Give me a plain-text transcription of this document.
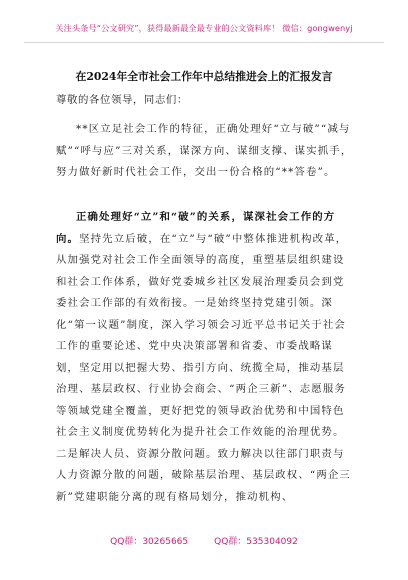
关注头条号“公文研究”，获得最新最全最专业的公文资料库！ 微信：gongwenyj
在2024年全市社会工作年中总结推进会上的汇报发言
尊敬的各位领导，同志们：
**区立足社会工作的特征，正确处理好“立与破”“减与赋”“呼与应”三对关系，谋深方向、谋细支撑、谋实抓手，努力做好新时代社会工作，交出一份合格的“**答卷”。
正确处理好“立”和“破”的关系，谋深社会工作的方向。坚持先立后破，在“立”与“破”中整体推进机构改革，从加强党对社会工作全面领导的高度，重塑基层组织建设和社会工作体系，做好党委城乡社区发展治理委员会到党委社会工作部的有效衔接。一是始终坚持党建引领。深化“第一议题”制度，深入学习领会习近平总书记关于社会工作的重要论述、党中央决策部署和省委、市委战略谋划，坚定用以把握大势、指引方向、统揽全局，推动基层治理、基层政权、行业协会商会、“两企三新”、志愿服务等领域党建全覆盖，更好把党的领导政治优势和中国特色社会主义制度优势转化为提升社会工作效能的治理优势。二是解决人员、资源分散问题。致力解决以往部门职责与人力资源分散的问题，破除基层治理、基层政权、“两企三新”党建职能分离的现有格局划分，推动机构、
QQ群：30265665	QQ群：535304092
